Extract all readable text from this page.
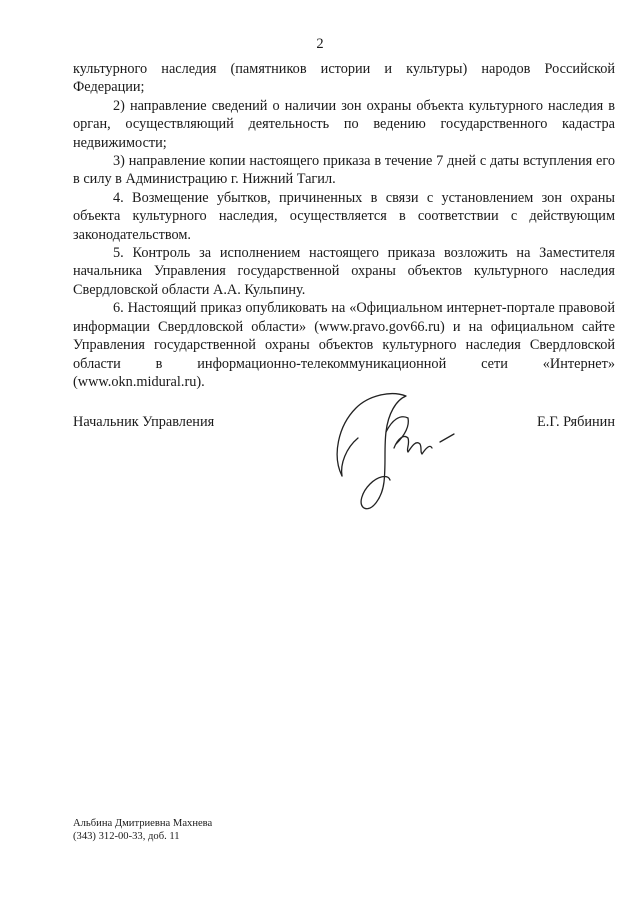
2

культурного наследия (памятников истории и культуры) народов Российской Федерации;

2) направление сведений о наличии зон охраны объекта культурного наследия в орган, осуществляющий деятельность по ведению государственного кадастра недвижимости;

3) направление копии настоящего приказа в течение 7 дней с даты вступления его в силу в Администрацию г. Нижний Тагил.

4. Возмещение убытков, причиненных в связи с установлением зон охраны объекта культурного наследия, осуществляется в соответствии с действующим законодательством.

5. Контроль за исполнением настоящего приказа возложить на Заместителя начальника Управления государственной охраны объектов культурного наследия Свердловской области А.А. Кульпину.

6. Настоящий приказ опубликовать на «Официальном интернет-портале правовой информации Свердловской области» (www.pravo.gov66.ru) и на официальном сайте Управления государственной охраны объектов культурного наследия Свердловской области в информационно-телекоммуникационной сети «Интернет» (www.okn.midural.ru).

Начальник Управления	Е.Г. Рябинин
Альбина Дмитриевна Махнева
(343) 312-00-33, доб. 11
